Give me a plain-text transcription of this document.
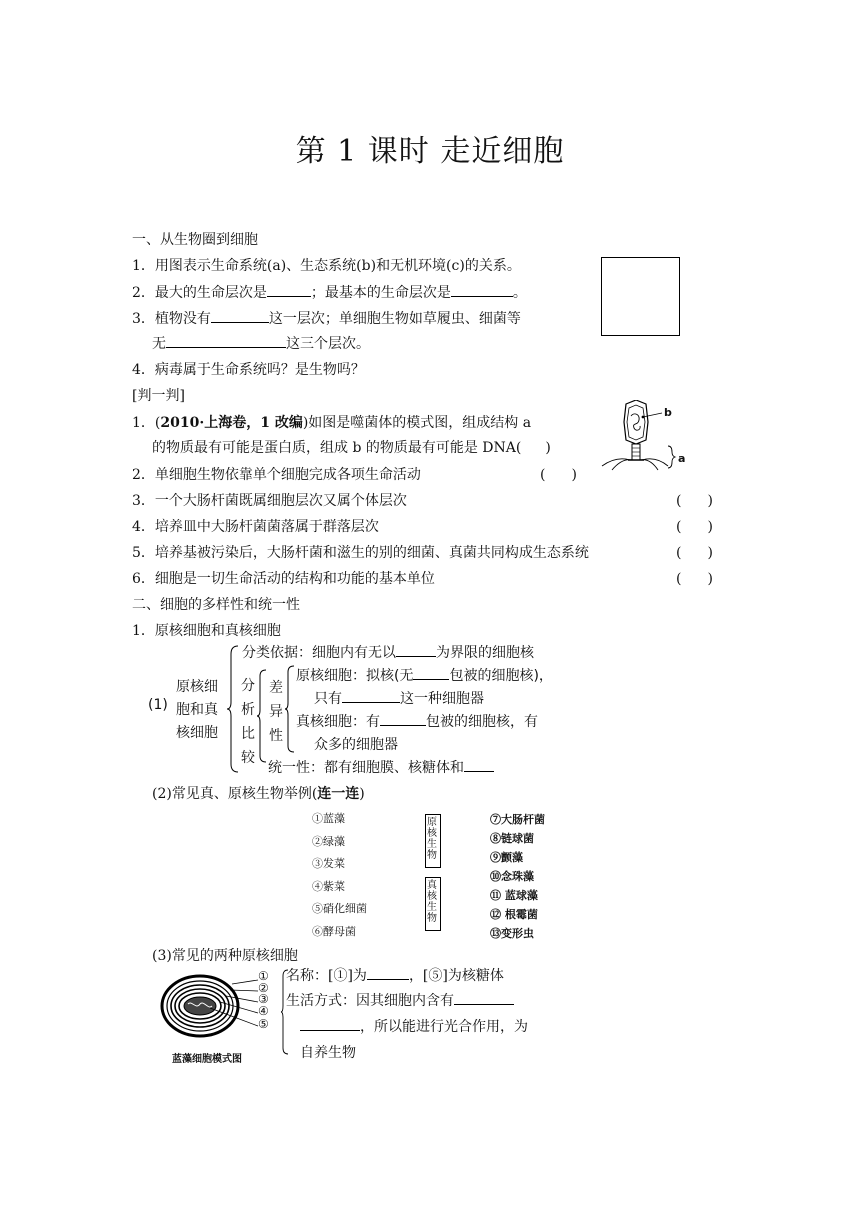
第 1 课时 走近细胞
一、从生物圈到细胞
1．用图表示生命系统(a)、生态系统(b)和无机环境(c)的关系。
2．最大的生命层次是	；最基本的生命层次是	。
3．植物没有	这一层次；单细胞生物如草履虫、细菌等
无	这三个层次。
4．病毒属于生命系统吗？是生物吗？
[判一判]
1．(2010·上海卷，1 改编)如图是噬菌体的模式图，组成结构 a
的物质最有可能是蛋白质，组成 b 的物质最有可能是 DNA( )
2．单细胞生物依靠单个细胞完成各项生命活动	( )
3．一个大肠杆菌既属细胞层次又属个体层次	( )
4．培养皿中大肠杆菌菌落属于群落层次	( )
5．培养基被污染后，大肠杆菌和滋生的别的细菌、真菌共同构成生态系统	( )
6．细胞是一切生命活动的结构和功能的基本单位	( )
b
a
二、细胞的多样性和统一性
1．原核细胞和真核细胞
(1)
原核细
胞和真
核细胞
分
析
比
较
差
异
性
分类依据：细胞内有无以	为界限的细胞核
原核细胞：拟核(无	包被的细胞核)，
只有	这一种细胞器
真核细胞：有	包被的细胞核，有
众多的细胞器
统一性：都有细胞膜、核糖体和
(2)常见真、原核生物举例(连一连)
①蓝藻
②绿藻
③发菜
④紫菜
⑤硝化细菌
⑥酵母菌
原
核
生
物
真
核
生
物
⑦大肠杆菌
⑧链球菌
⑨颤藻
⑩念珠藻
⑪ 蓝球藻
⑫ 根霉菌
⑬变形虫
(3)常见的两种原核细胞
①
②
③
④
⑤
蓝藻细胞模式图
名称：[①]为	，[⑤]为核糖体
生活方式：因其细胞内含有
，所以能进行光合作用，为
自养生物
